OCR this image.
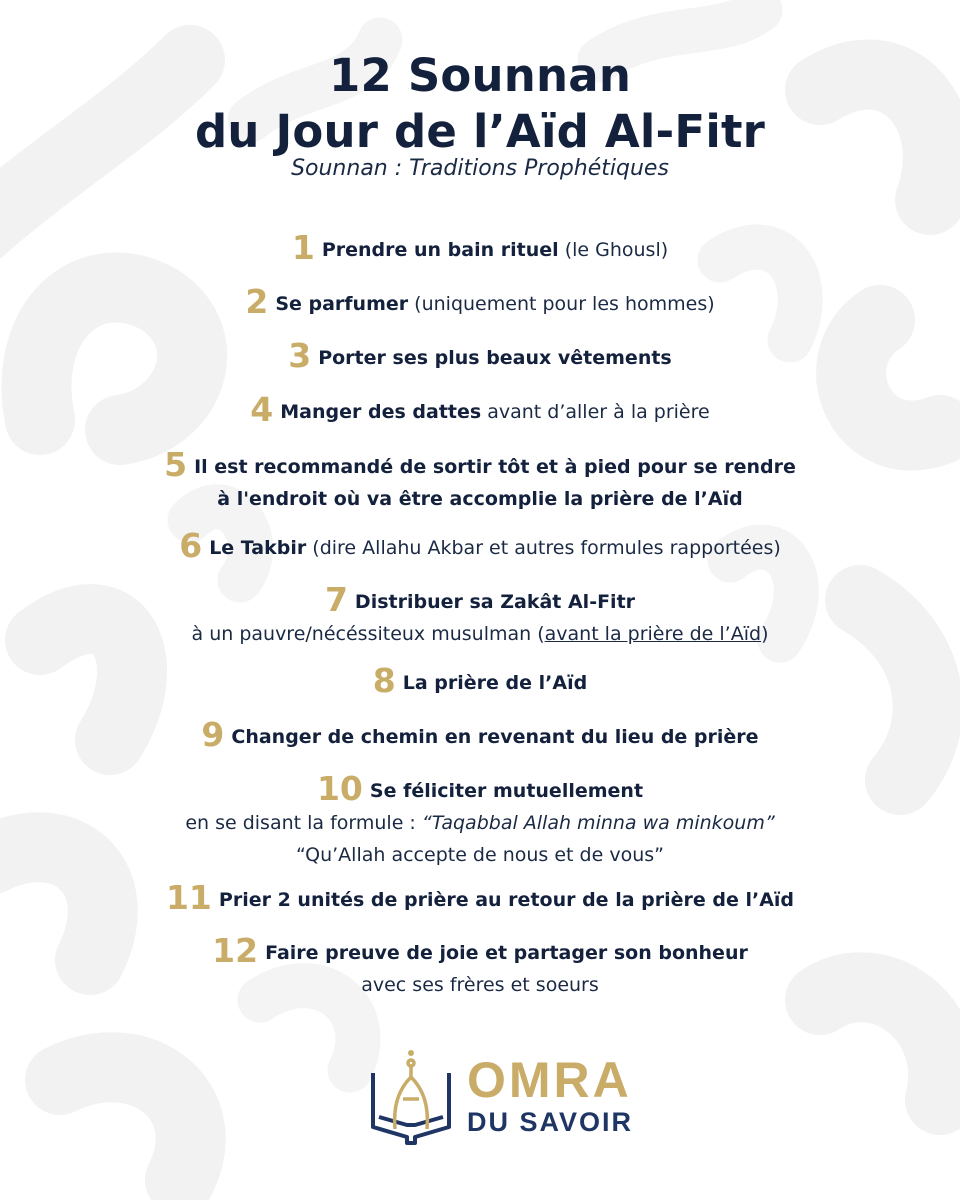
12 Sounnan
du Jour de l’Aïd Al-Fitr
Sounnan : Traditions Prophétiques
1 Prendre un bain rituel (le Ghousl)
2 Se parfumer (uniquement pour les hommes)
3 Porter ses plus beaux vêtements
4 Manger des dattes avant d’aller à la prière
5 Il est recommandé de sortir tôt et à pied pour se rendre
à l'endroit où va être accomplie la prière de l’Aïd
6 Le Takbir (dire Allahu Akbar et autres formules rapportées)
7 Distribuer sa Zakât Al-Fitr
à un pauvre/nécéssiteux musulman (avant la prière de l’Aïd)
8 La prière de l’Aïd
9 Changer de chemin en revenant du lieu de prière
10 Se féliciter mutuellement
en se disant la formule : “Taqabbal Allah minna wa minkoum”
“Qu’Allah accepte de nous et de vous”
11 Prier 2 unités de prière au retour de la prière de l’Aïd
12 Faire preuve de joie et partager son bonheur
avec ses frères et soeurs
OMRA
DU SAVOIR
